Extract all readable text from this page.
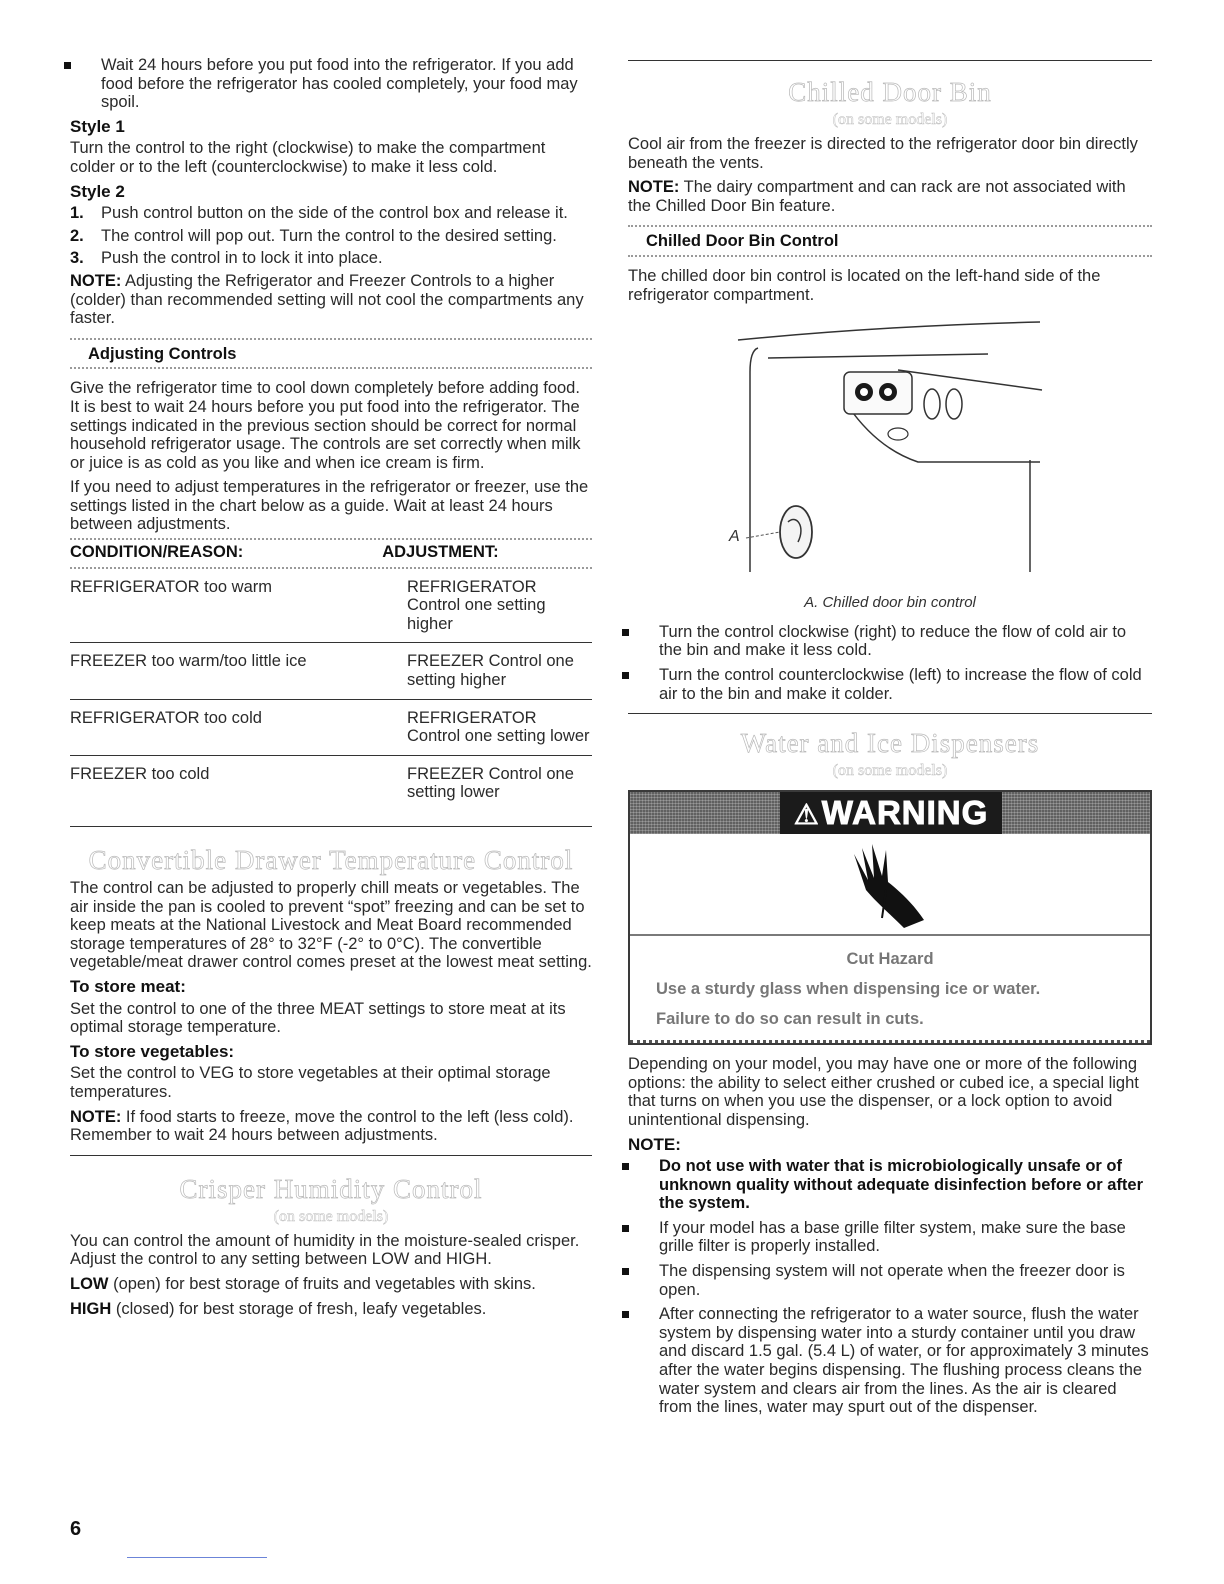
Wait 24 hours before you put food into the refrigerator. If you add food before the refrigerator has cooled completely, your food may spoil.
Style 1

Turn the control to the right (clockwise) to make the compartment colder or to the left (counterclockwise) to make it less cold.

Style 2
1. Push control button on the side of the control box and release it.
2. The control will pop out. Turn the control to the desired setting.
3. Push the control in to lock it into place.

NOTE: Adjusting the Refrigerator and Freezer Controls to a higher (colder) than recommended setting will not cool the compartments any faster.

Adjusting Controls

Give the refrigerator time to cool down completely before adding food. It is best to wait 24 hours before you put food into the refrigerator. The settings indicated in the previous section should be correct for normal household refrigerator usage. The controls are set correctly when milk or juice is as cold as you like and when ice cream is firm.

If you need to adjust temperatures in the refrigerator or freezer, use the settings listed in the chart below as a guide. Wait at least 24 hours between adjustments.

CONDITION/REASON:	ADJUSTMENT:
REFRIGERATOR too warm	REFRIGERATOR Control one setting higher
FREEZER too warm/too little ice	FREEZER Control one setting higher
REFRIGERATOR too cold	REFRIGERATOR Control one setting lower
FREEZER too cold	FREEZER Control one setting lower
Convertible Drawer Temperature Control

The control can be adjusted to properly chill meats or vegetables. The air inside the pan is cooled to prevent “spot” freezing and can be set to keep meats at the National Livestock and Meat Board recommended storage temperatures of 28° to 32°F (-2° to 0°C). The convertible vegetable/meat drawer control comes preset at the lowest meat setting.

To store meat:

Set the control to one of the three MEAT settings to store meat at its optimal storage temperature.

To store vegetables:

Set the control to VEG to store vegetables at their optimal storage temperatures.

NOTE: If food starts to freeze, move the control to the left (less cold). Remember to wait 24 hours between adjustments.

Crisper Humidity Control
(on some models)

You can control the amount of humidity in the moisture-sealed crisper. Adjust the control to any setting between LOW and HIGH.

LOW (open) for best storage of fruits and vegetables with skins.

HIGH (closed) for best storage of fresh, leafy vegetables.

Chilled Door Bin
(on some models)

Cool air from the freezer is directed to the refrigerator door bin directly beneath the vents.

NOTE: The dairy compartment and can rack are not associated with the Chilled Door Bin feature.

Chilled Door Bin Control

The chilled door bin control is located on the left-hand side of the refrigerator compartment.

A
A. Chilled door bin control
Turn the control clockwise (right) to reduce the flow of cold air to the bin and make it less cold.
Turn the control counterclockwise (left) to increase the flow of cold air to the bin and make it colder.
Water and Ice Dispensers
(on some models)
⚠WARNING
Cut Hazard
Use a sturdy glass when dispensing ice or water.
Failure to do so can result in cuts.

Depending on your model, you may have one or more of the following options: the ability to select either crushed or cubed ice, a special light that turns on when you use the dispenser, or a lock option to avoid unintentional dispensing.

NOTE:
Do not use with water that is microbiologically unsafe or of unknown quality without adequate disinfection before or after the system.
If your model has a base grille filter system, make sure the base grille filter is properly installed.
The dispensing system will not operate when the freezer door is open.
After connecting the refrigerator to a water source, flush the water system by dispensing water into a sturdy container until you draw and discard 1.5 gal. (5.4 L) of water, or for approximately 3 minutes after the water begins dispensing. The flushing process cleans the water system and clears air from the lines. As the air is cleared from the lines, water may spurt out of the dispenser.
6
